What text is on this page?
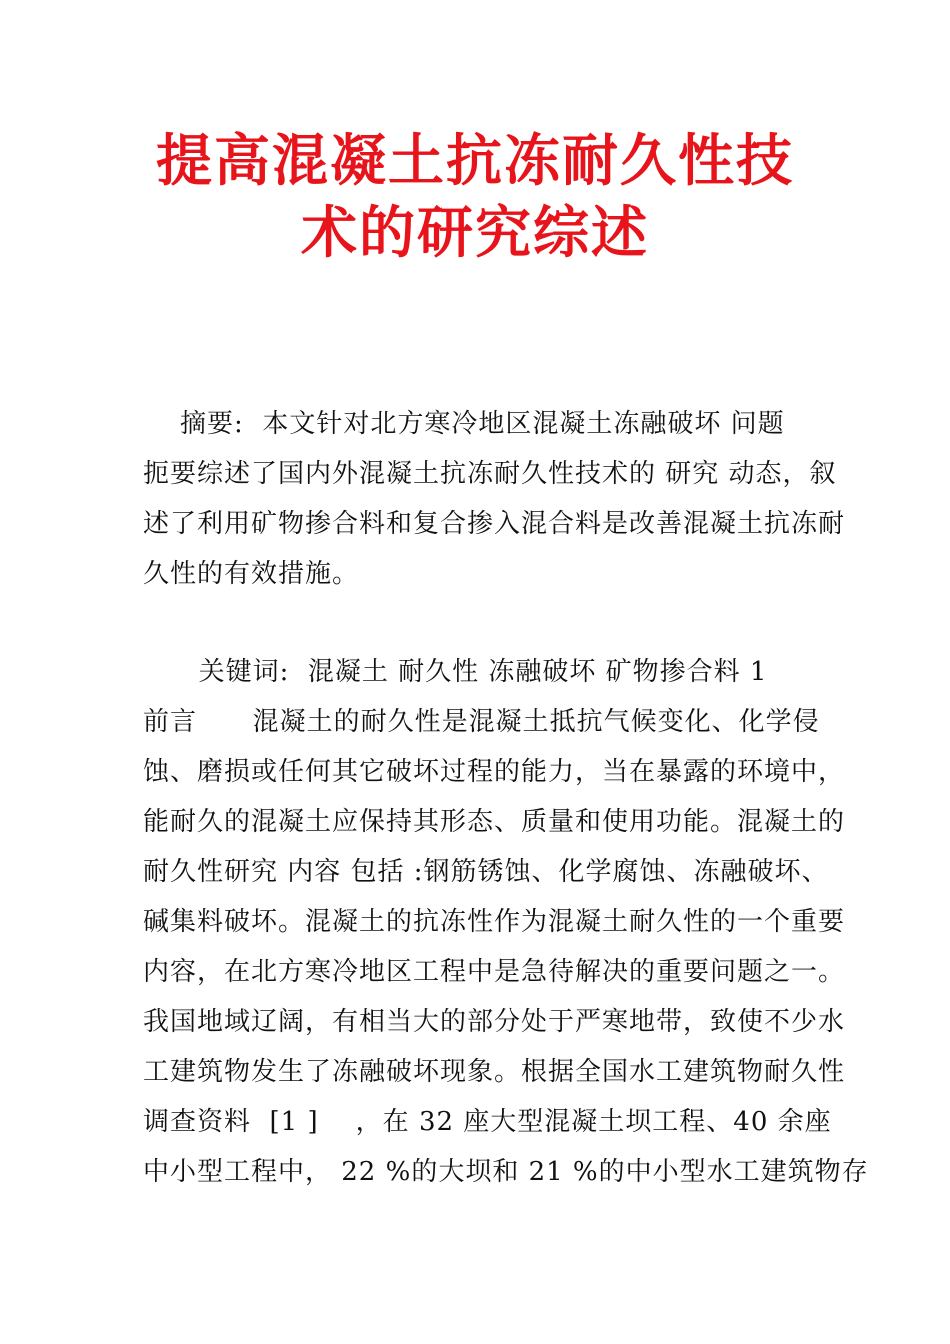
提高混凝土抗冻耐久性技
术的研究综述
摘要:  本文针对北方寒冷地区混凝土冻融破坏 问题
扼要综述了国内外混凝土抗冻耐久性技术的 研究 动态，叙
述了利用矿物掺合料和复合掺入混合料是改善混凝土抗冻耐
久性的有效措施。
关键词:  混凝土 耐久性 冻融破坏 矿物掺合料 1
前言      混凝土的耐久性是混凝土抵抗气候变化、化学侵
蚀、磨损或任何其它破坏过程的能力，当在暴露的环境中，
能耐久的混凝土应保持其形态、质量和使用功能。混凝土的
耐久性研究 内容 包括 :钢筋锈蚀、化学腐蚀、冻融破坏、
碱集料破坏。混凝土的抗冻性作为混凝土耐久性的一个重要
内容，在北方寒冷地区工程中是急待解决的重要问题之一。
我国地域辽阔，有相当大的部分处于严寒地带，致使不少水
工建筑物发生了冻融破坏现象。根据全国水工建筑物耐久性
调查资料  [1 ]    ，在 32 座大型混凝土坝工程、40 余座
中小型工程中， 22 %的大坝和 21 %的中小型水工建筑物存
